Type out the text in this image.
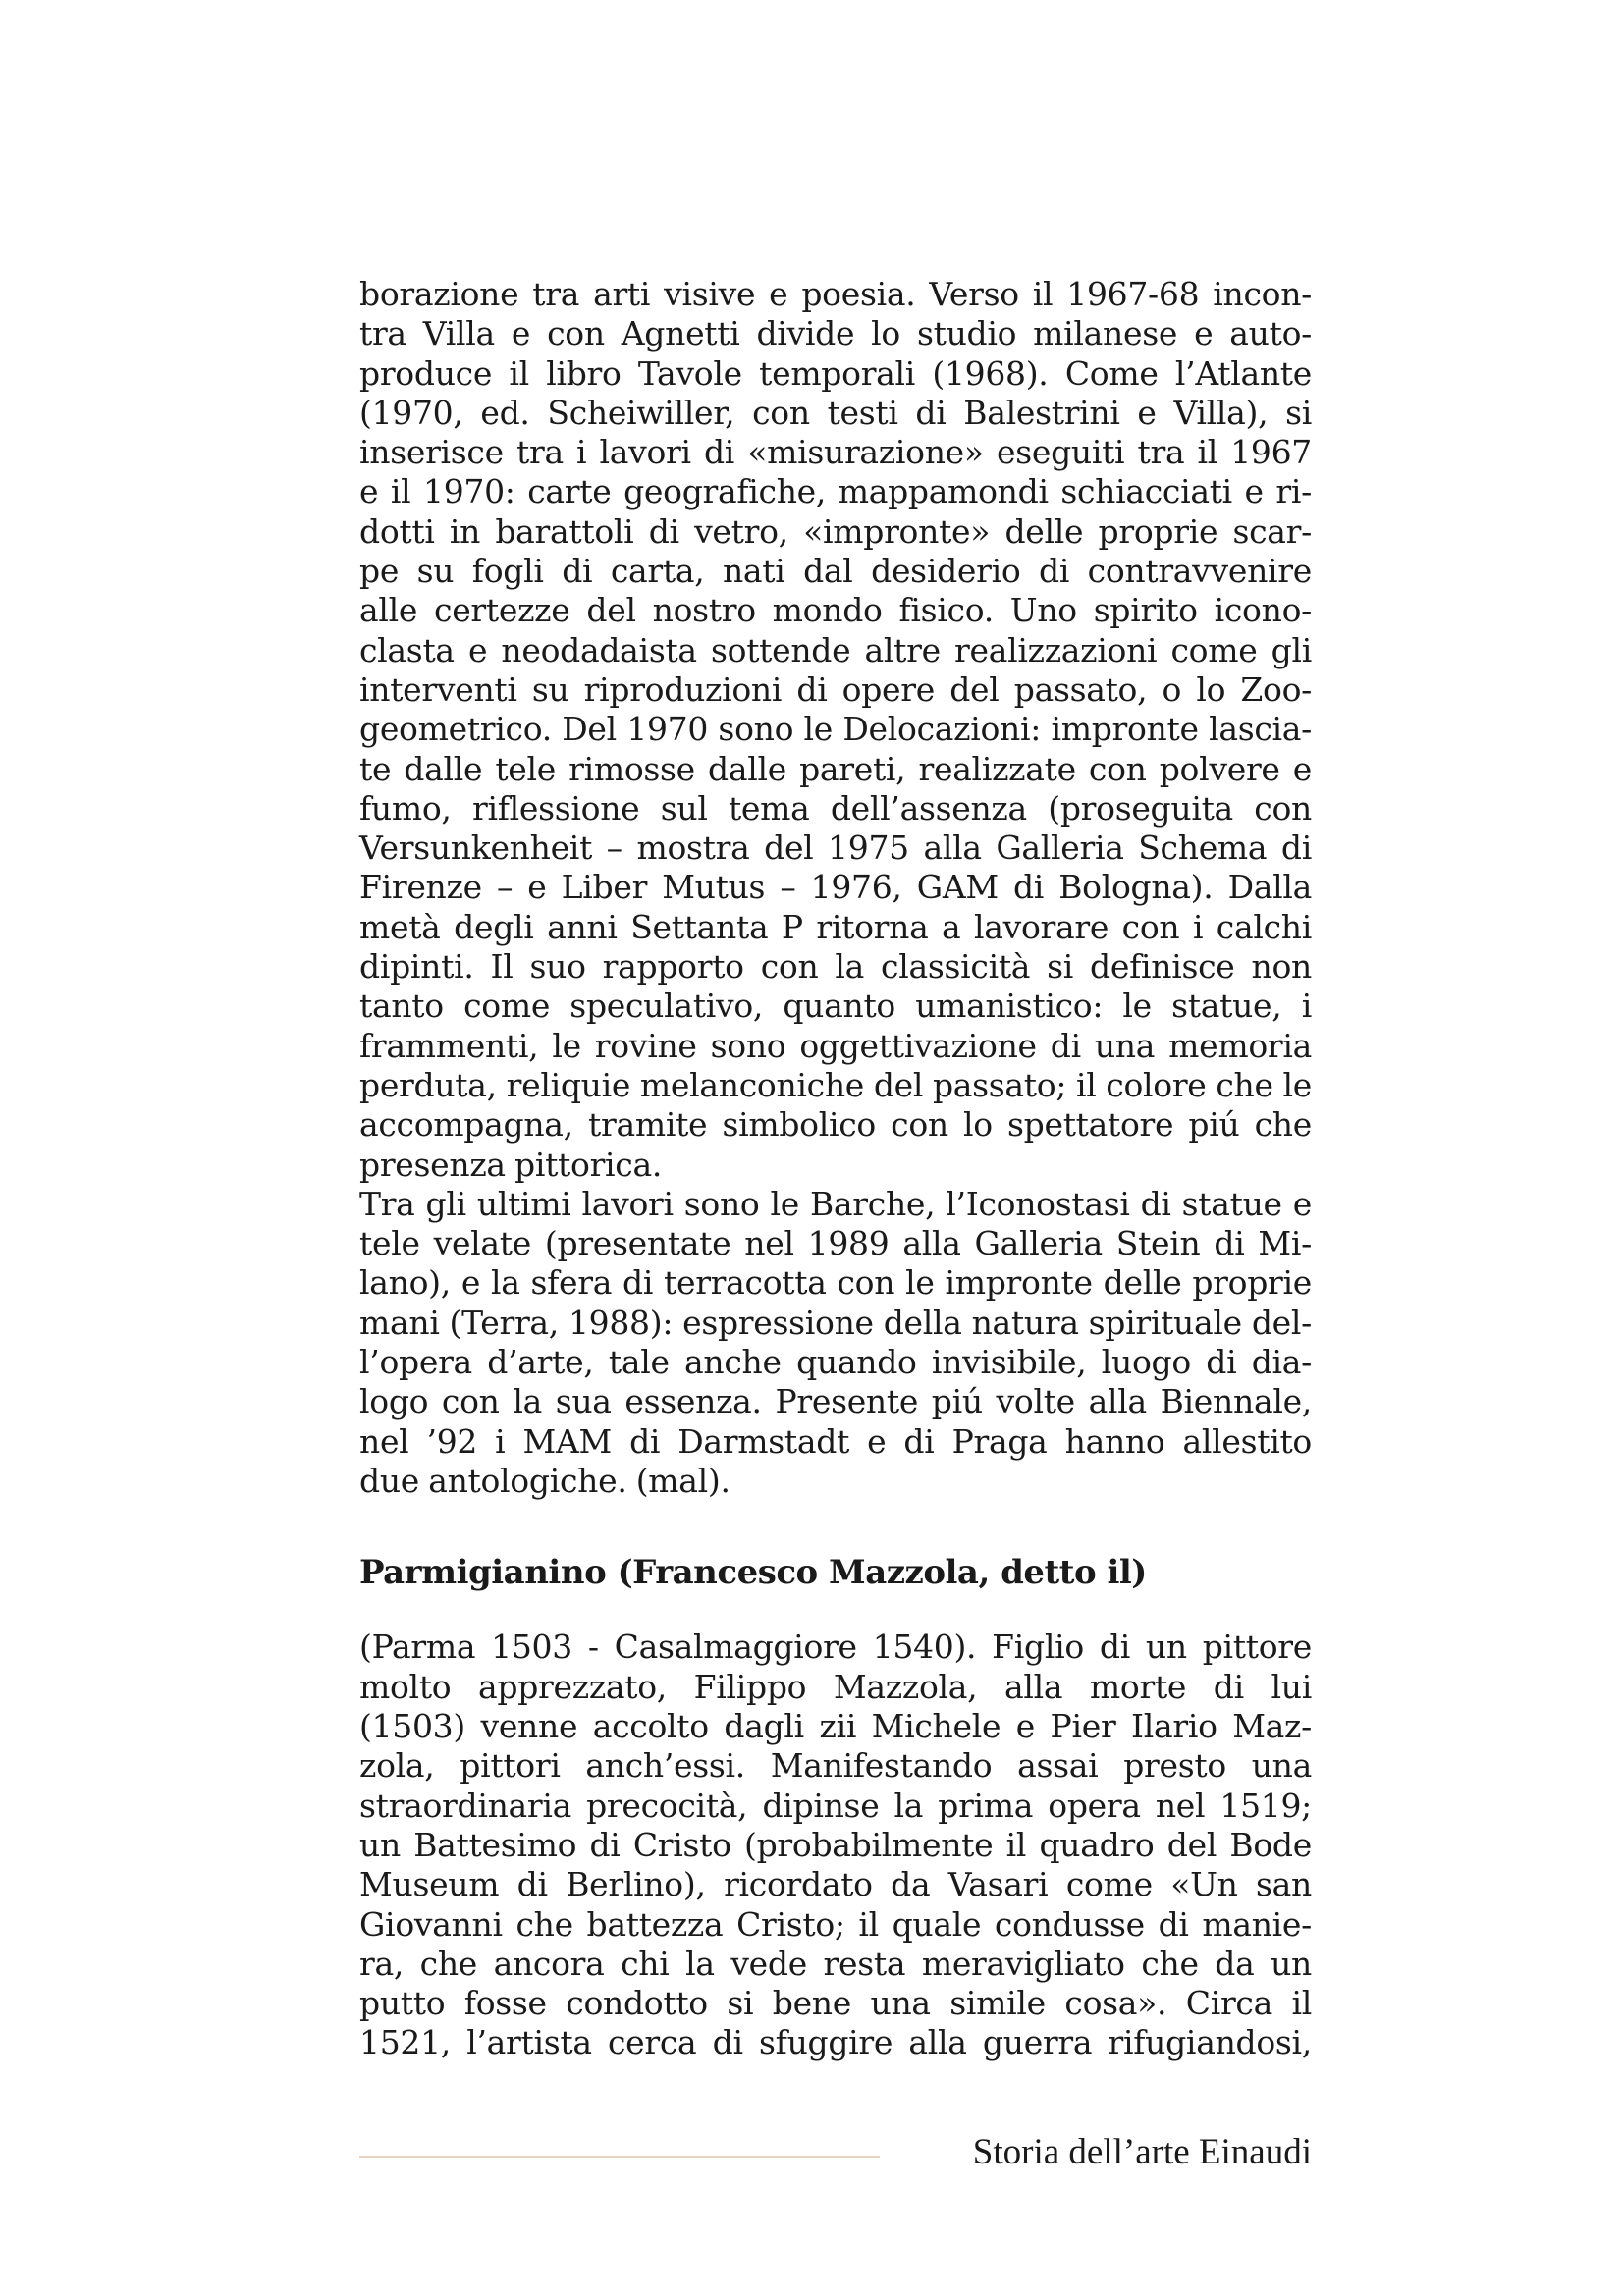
borazione tra arti visive e poesia. Verso il 1967-68 incon-
tra Villa e con Agnetti divide lo studio milanese e auto-
produce il libro Tavole temporali (1968). Come l’Atlante
(1970, ed. Scheiwiller, con testi di Balestrini e Villa), si
inserisce tra i lavori di «misurazione» eseguiti tra il 1967
e il 1970: carte geografiche, mappamondi schiacciati e ri-
dotti in barattoli di vetro, «impronte» delle proprie scar-
pe su fogli di carta, nati dal desiderio di contravvenire
alle certezze del nostro mondo fisico. Uno spirito icono-
clasta e neodadaista sottende altre realizzazioni come gli
interventi su riproduzioni di opere del passato, o lo Zoo-
geometrico. Del 1970 sono le Delocazioni: impronte lascia-
te dalle tele rimosse dalle pareti, realizzate con polvere e
fumo, riflessione sul tema dell’assenza (proseguita con
Versunkenheit – mostra del 1975 alla Galleria Schema di
Firenze – e Liber Mutus – 1976, GAM di Bologna). Dalla
metà degli anni Settanta P ritorna a lavorare con i calchi
dipinti. Il suo rapporto con la classicità si definisce non
tanto come speculativo, quanto umanistico: le statue, i
frammenti, le rovine sono oggettivazione di una memoria
perduta, reliquie melanconiche del passato; il colore che le
accompagna, tramite simbolico con lo spettatore piú che
presenza pittorica.
Tra gli ultimi lavori sono le Barche, l’Iconostasi di statue e
tele velate (presentate nel 1989 alla Galleria Stein di Mi-
lano), e la sfera di terracotta con le impronte delle proprie
mani (Terra, 1988): espressione della natura spirituale del-
l’opera d’arte, tale anche quando invisibile, luogo di dia-
logo con la sua essenza. Presente piú volte alla Biennale,
nel ’92 i MAM di Darmstadt e di Praga hanno allestito
due antologiche. (mal).
Parmigianino (Francesco Mazzola, detto il)
(Parma 1503 - Casalmaggiore 1540). Figlio di un pittore
molto apprezzato, Filippo Mazzola, alla morte di lui
(1503) venne accolto dagli zii Michele e Pier Ilario Maz-
zola, pittori anch’essi. Manifestando assai presto una
straordinaria precocità, dipinse la prima opera nel 1519;
un Battesimo di Cristo (probabilmente il quadro del Bode
Museum di Berlino), ricordato da Vasari come «Un san
Giovanni che battezza Cristo; il quale condusse di manie-
ra, che ancora chi la vede resta meravigliato che da un
putto fosse condotto si bene una simile cosa». Circa il
1521, l’artista cerca di sfuggire alla guerra rifugiandosi,
Storia dell’arte Einaudi
